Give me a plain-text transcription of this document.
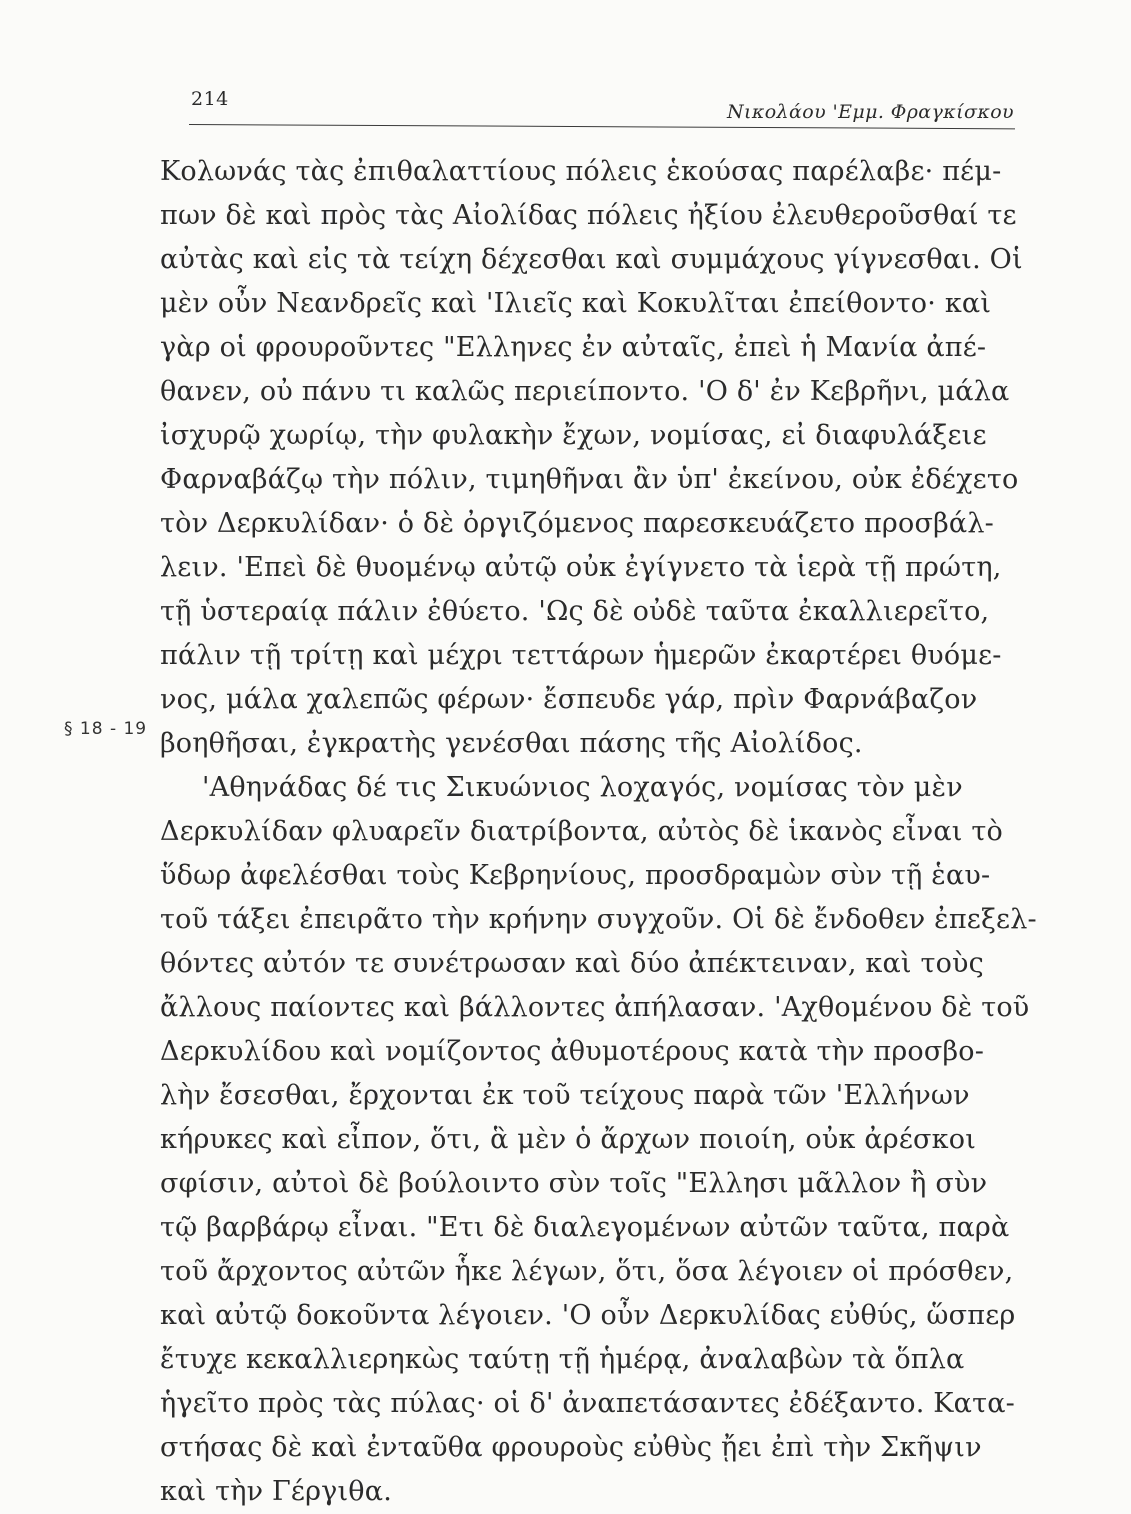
214
Νικολάου 'Εμμ. Φραγκίσκου
§ 18 - 19
Κολωνάς τὰς ἐπιθαλαττίους πόλεις ἑκούσας παρέλαβε· πέμ-
πων δὲ καὶ πρὸς τὰς Αἰολίδας πόλεις ἠξίου ἐλευθεροῦσθαί τε
αὐτὰς καὶ εἰς τὰ τείχη δέχεσθαι καὶ συμμάχους γίγνεσθαι. Οἱ
μὲν οὖν Νεανδρεῖς καὶ 'Ιλιεῖς καὶ Κοκυλῖται ἐπείθοντο· καὶ
γὰρ οἱ φρουροῦντες "Ελληνες ἐν αὐταῖς, ἐπεὶ ἡ Μανία ἀπέ-
θανεν, οὐ πάνυ τι καλῶς περιείποντο. 'Ο δ' ἐν Κεβρῆνι, μάλα
ἰσχυρῷ χωρίῳ, τὴν φυλακὴν ἔχων, νομίσας, εἰ διαφυλάξειε
Φαρναβάζῳ τὴν πόλιν, τιμηθῆναι ἂν ὑπ' ἐκείνου, οὐκ ἐδέχετο
τὸν Δερκυλίδαν· ὁ δὲ ὀργιζόμενος παρεσκευάζετο προσβάλ-
λειν. 'Επεὶ δὲ θυομένῳ αὐτῷ οὐκ ἐγίγνετο τὰ ἱερὰ τῇ πρώτη,
τῇ ὑστεραίᾳ πάλιν ἐθύετο. 'Ως δὲ οὐδὲ ταῦτα ἐκαλλιερεῖτο,
πάλιν τῇ τρίτῃ καὶ μέχρι τεττάρων ἡμερῶν ἐκαρτέρει θυόμε-
νος, μάλα χαλεπῶς φέρων· ἔσπευδε γάρ, πρὶν Φαρνάβαζον
βοηθῆσαι, ἐγκρατὴς γενέσθαι πάσης τῆς Αἰολίδος.
'Αθηνάδας δέ τις Σικυώνιος λοχαγός, νομίσας τὸν μὲν
Δερκυλίδαν φλυαρεῖν διατρίβοντα, αὐτὸς δὲ ἱκανὸς εἶναι τὸ
ὕδωρ ἀφελέσθαι τοὺς Κεβρηνίους, προσδραμὼν σὺν τῇ ἑαυ-
τοῦ τάξει ἐπειρᾶτο τὴν κρήνην συγχοῦν. Οἱ δὲ ἔνδοθεν ἐπεξελ-
θόντες αὐτόν τε συνέτρωσαν καὶ δύο ἀπέκτειναν, καὶ τοὺς
ἄλλους παίοντες καὶ βάλλοντες ἀπήλασαν. 'Αχθομένου δὲ τοῦ
Δερκυλίδου καὶ νομίζοντος ἀθυμοτέρους κατὰ τὴν προσβο-
λὴν ἔσεσθαι, ἔρχονται ἐκ τοῦ τείχους παρὰ τῶν 'Ελλήνων
κήρυκες καὶ εἶπον, ὅτι, ἃ μὲν ὁ ἄρχων ποιοίη, οὐκ ἀρέσκοι
σφίσιν, αὐτοὶ δὲ βούλοιντο σὺν τοῖς "Ελλησι μᾶλλον ἢ σὺν
τῷ βαρβάρῳ εἶναι. "Ετι δὲ διαλεγομένων αὐτῶν ταῦτα, παρὰ
τοῦ ἄρχοντος αὐτῶν ἧκε λέγων, ὅτι, ὅσα λέγοιεν οἱ πρόσθεν,
καὶ αὐτῷ δοκοῦντα λέγοιεν. 'Ο οὖν Δερκυλίδας εὐθύς, ὥσπερ
ἔτυχε κεκαλλιερηκὼς ταύτῃ τῇ ἡμέρᾳ, ἀναλαβὼν τὰ ὅπλα
ἡγεῖτο πρὸς τὰς πύλας· οἱ δ' ἀναπετάσαντες ἐδέξαντο. Κατα-
στήσας δὲ καὶ ἐνταῦθα φρουροὺς εὐθὺς ᾔει ἐπὶ τὴν Σκῆψιν
καὶ τὴν Γέργιθα.
